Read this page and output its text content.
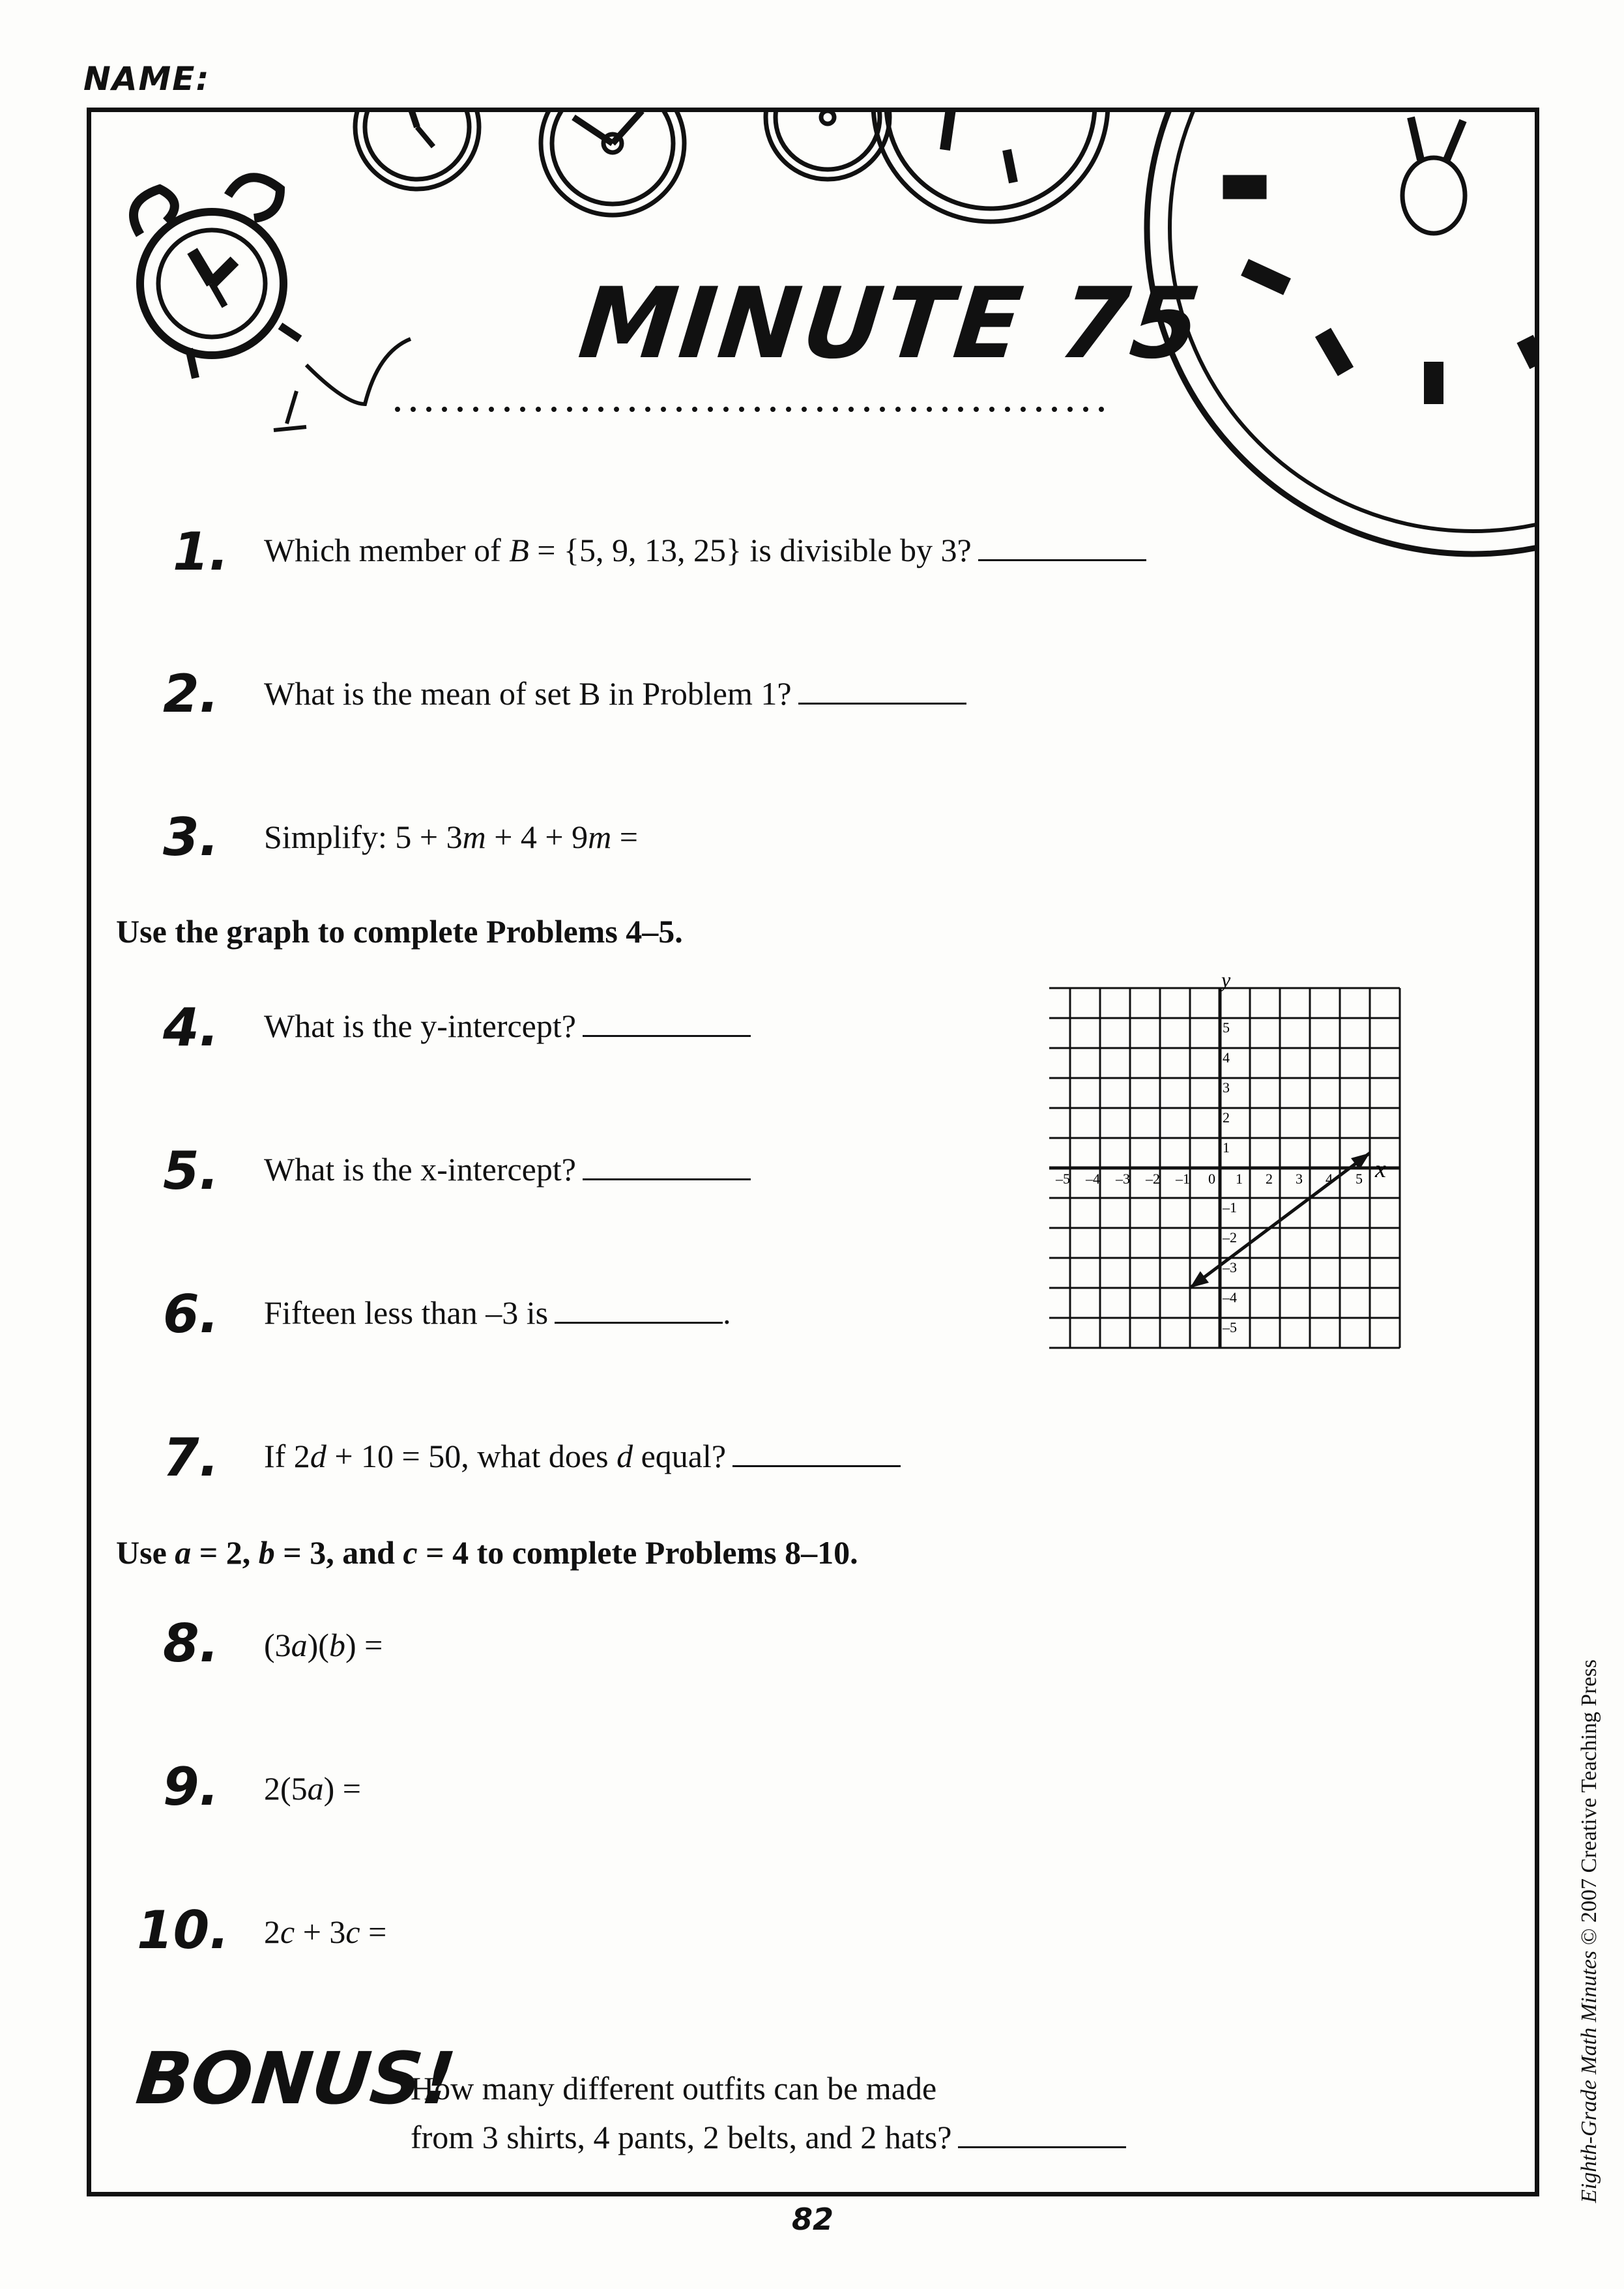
NAME:
MINUTE 75
1.	Which member of B = {5, 9, 13, 25} is divisible by 3?
2.	What is the mean of set B in Problem 1?
3.	Simplify: 5 + 3m + 4 + 9m =
Use the graph to complete Problems 4–5.
4.	What is the y-intercept?
5.	What is the x-intercept?
6.	Fifteen less than –3 is	.
7.	If 2d + 10 = 50, what does d equal?
Use a = 2, b = 3, and c = 4 to complete Problems 8–10.
8.	(3a)(b) =
9.	2(5a) =
10.	2c + 3c =
–5 –4 –3 –2 –1 0 1 2 3 4 5
5
4
3
2
1
–1
–2
–3
–4
–5
y
x
BONUS!
How many different outfits can be made
from 3 shirts, 4 pants, 2 belts, and 2 hats?
82
Eighth-Grade Math Minutes © 2007 Creative Teaching Press
